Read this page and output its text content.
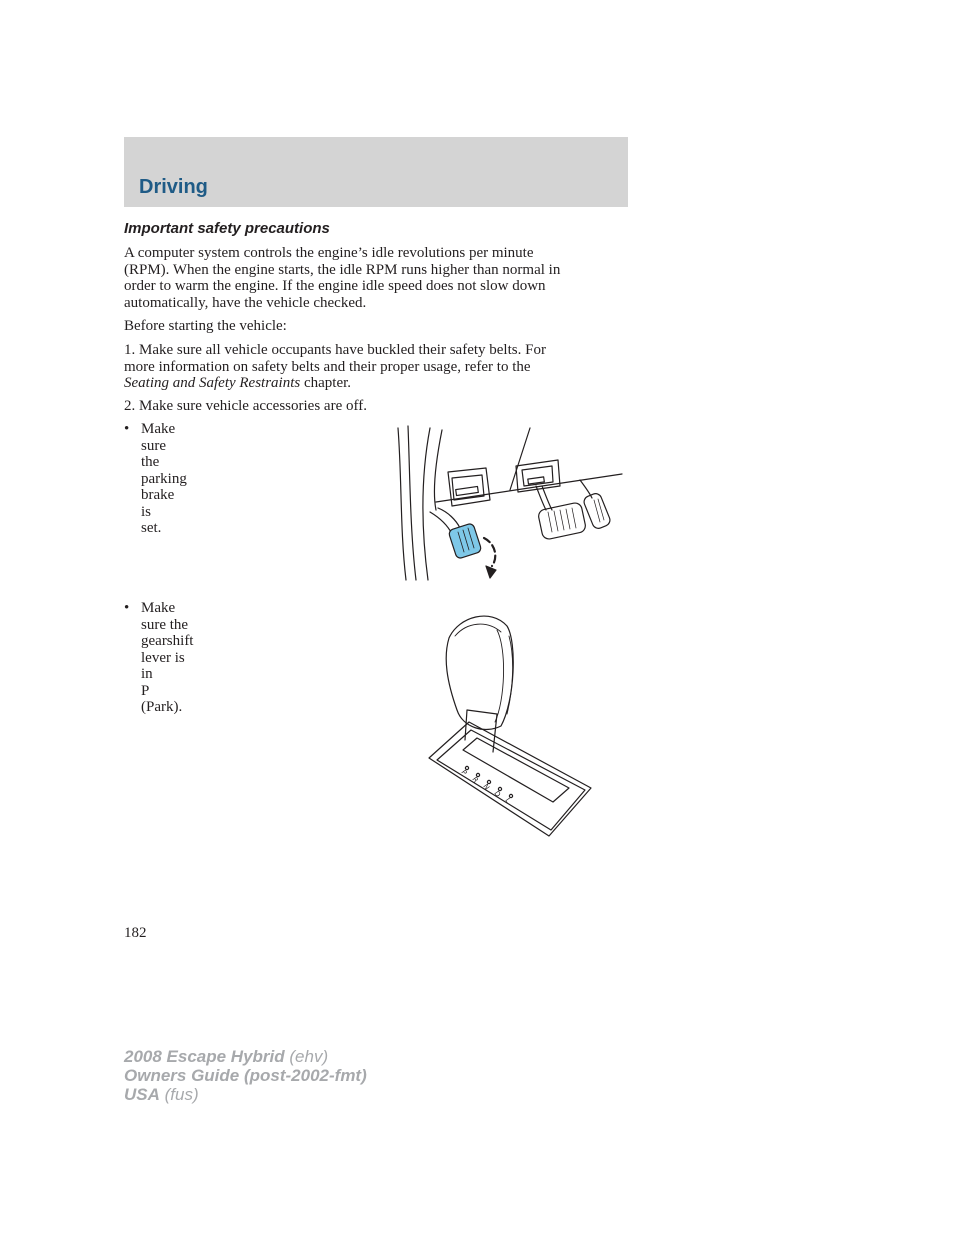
Driving
Important safety precautions
A computer system controls the engine’s idle revolutions per minute
(RPM). When the engine starts, the idle RPM runs higher than normal in
order to warm the engine. If the engine idle speed does not slow down
automatically, have the vehicle checked.
Before starting the vehicle:
1. Make sure all vehicle occupants have buckled their safety belts. For
more information on safety belts and their proper usage, refer to the
Seating and Safety Restraints chapter.
2. Make sure vehicle accessories are off.
• Make sure the parking brake is
set.
• Make sure the gearshift lever is in
P (Park).
P
R
N
D
L
182
2008 Escape Hybrid (ehv)
Owners Guide (post-2002-fmt)
USA (fus)
